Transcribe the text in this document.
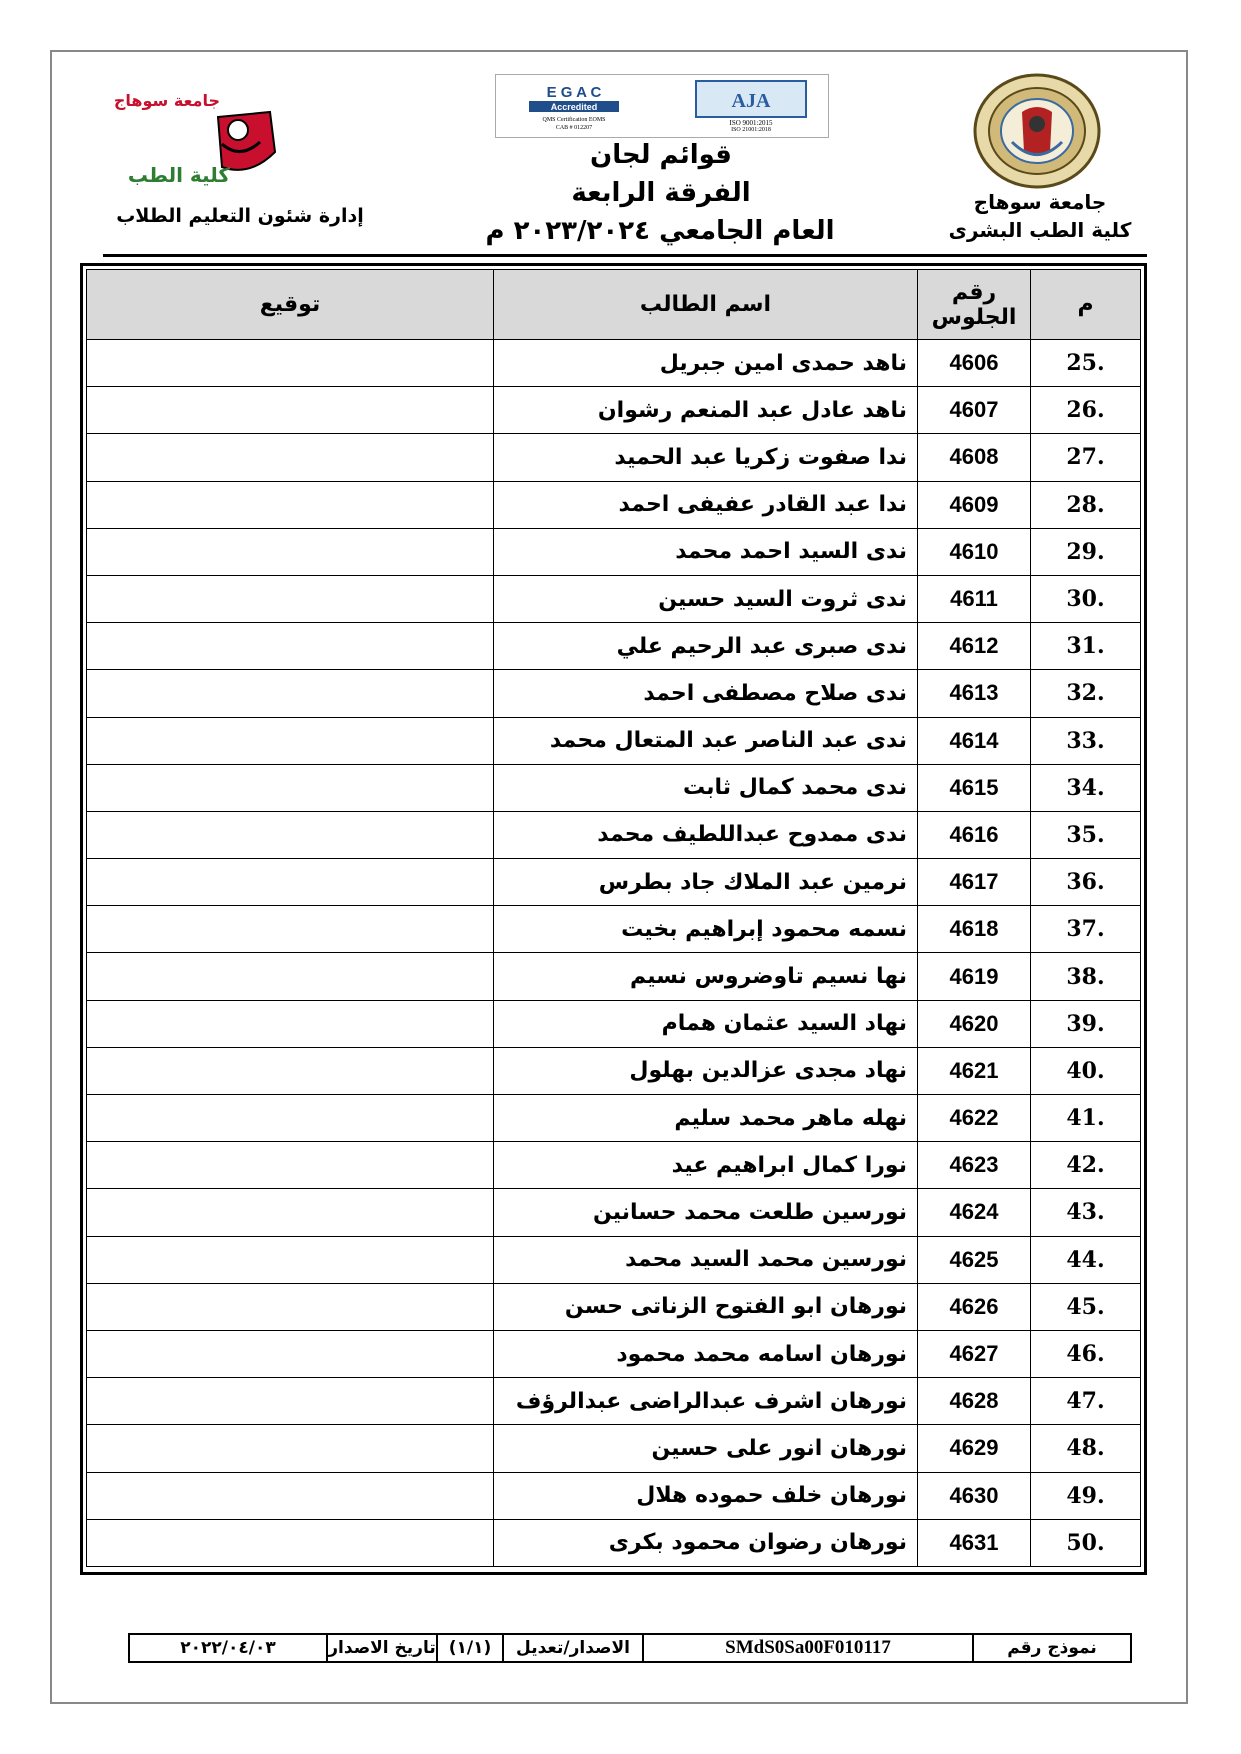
جامعة سوهاج
كلية الطب البشرى
E G A C
Accredited
QMS Certification EOMS
CAB # 012207
AJA
ISO 9001:2015
ISO 21001:2018
قوائم لجان
الفرقة الرابعة
العام الجامعي ٢٠٢٣/٢٠٢٤ م
كلية الطب
جامعة سوهاج
إدارة شئون التعليم الطلاب
م	رقم الجلوس	اسم الطالب	توقيع
25.	4606	ناهد حمدى امين جبريل	
26.	4607	ناهد عادل عبد المنعم رشوان	
27.	4608	ندا صفوت زكريا عبد الحميد	
28.	4609	ندا عبد القادر عفيفى احمد	
29.	4610	ندى السيد احمد محمد	
30.	4611	ندى ثروت السيد حسين	
31.	4612	ندى صبرى عبد الرحيم علي	
32.	4613	ندى صلاح مصطفى احمد	
33.	4614	ندى عبد الناصر عبد المتعال محمد	
34.	4615	ندى محمد كمال ثابت	
35.	4616	ندى ممدوح عبداللطيف محمد	
36.	4617	نرمين عبد الملاك جاد بطرس	
37.	4618	نسمه محمود إبراهيم بخيت	
38.	4619	نها نسيم تاوضروس نسيم	
39.	4620	نهاد السيد عثمان همام	
40.	4621	نهاد مجدى عزالدين بهلول	
41.	4622	نهله ماهر محمد سليم	
42.	4623	نورا كمال ابراهيم عيد	
43.	4624	نورسين طلعت محمد حسانين	
44.	4625	نورسين محمد السيد محمد	
45.	4626	نورهان ابو الفتوح الزناتى حسن	
46.	4627	نورهان اسامه محمد محمود	
47.	4628	نورهان اشرف عبدالراضى عبدالرؤف	
48.	4629	نورهان انور على حسين	
49.	4630	نورهان خلف حموده هلال	
50.	4631	نورهان رضوان محمود بكرى	
نموذج رقم
SMdS0Sa00F010117
الاصدار/تعديل
(١/١)
تاريخ الاصدار
٢٠٢٢/٠٤/٠٣
